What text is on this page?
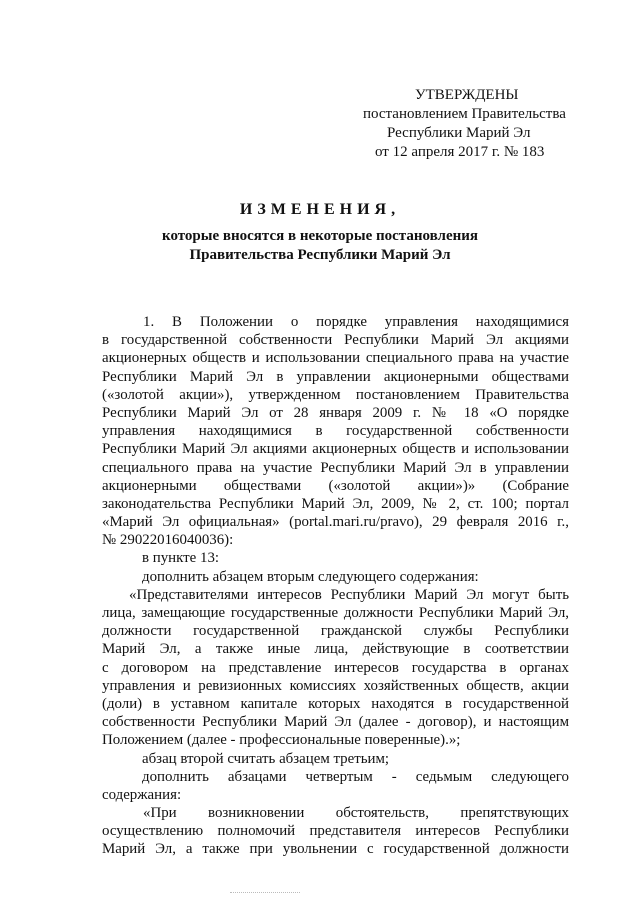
УТВЕРЖДЕНЫ
постановлением Правительства
Республики Марий Эл
от 12 апреля 2017 г. № 183
ИЗМЕНЕНИЯ,
которые вносятся в некоторые постановления
Правительства Республики Марий Эл
1. В Положении о порядке управления находящимися
в государственной собственности Республики Марий Эл акциями
акционерных обществ и использовании специального права на участие
Республики Марий Эл в управлении акционерными обществами
(«золотой акции»), утвержденном постановлением Правительства
Республики Марий Эл от 28 января 2009 г. № 18 «О порядке
управления находящимися в государственной собственности
Республики Марий Эл акциями акционерных обществ и использовании
специального права на участие Республики Марий Эл в управлении
акционерными обществами («золотой акции»)» (Собрание
законодательства Республики Марий Эл, 2009, № 2, ст. 100; портал
«Марий Эл официальная» (portal.mari.ru/pravo), 29 февраля 2016 г.,
№ 29022016040036):
в пункте 13:
дополнить абзацем вторым следующего содержания:
«Представителями интересов Республики Марий Эл могут быть
лица, замещающие государственные должности Республики Марий Эл,
должности государственной гражданской службы Республики
Марий Эл, а также иные лица, действующие в соответствии
с договором на представление интересов государства в органах
управления и ревизионных комиссиях хозяйственных обществ, акции
(доли) в уставном капитале которых находятся в государственной
собственности Республики Марий Эл (далее - договор), и настоящим
Положением (далее - профессиональные поверенные).»;
абзац второй считать абзацем третьим;
дополнить абзацами четвертым - седьмым следующего
содержания:
«При возникновении обстоятельств, препятствующих
осуществлению полномочий представителя интересов Республики
Марий Эл, а также при увольнении с государственной должности
